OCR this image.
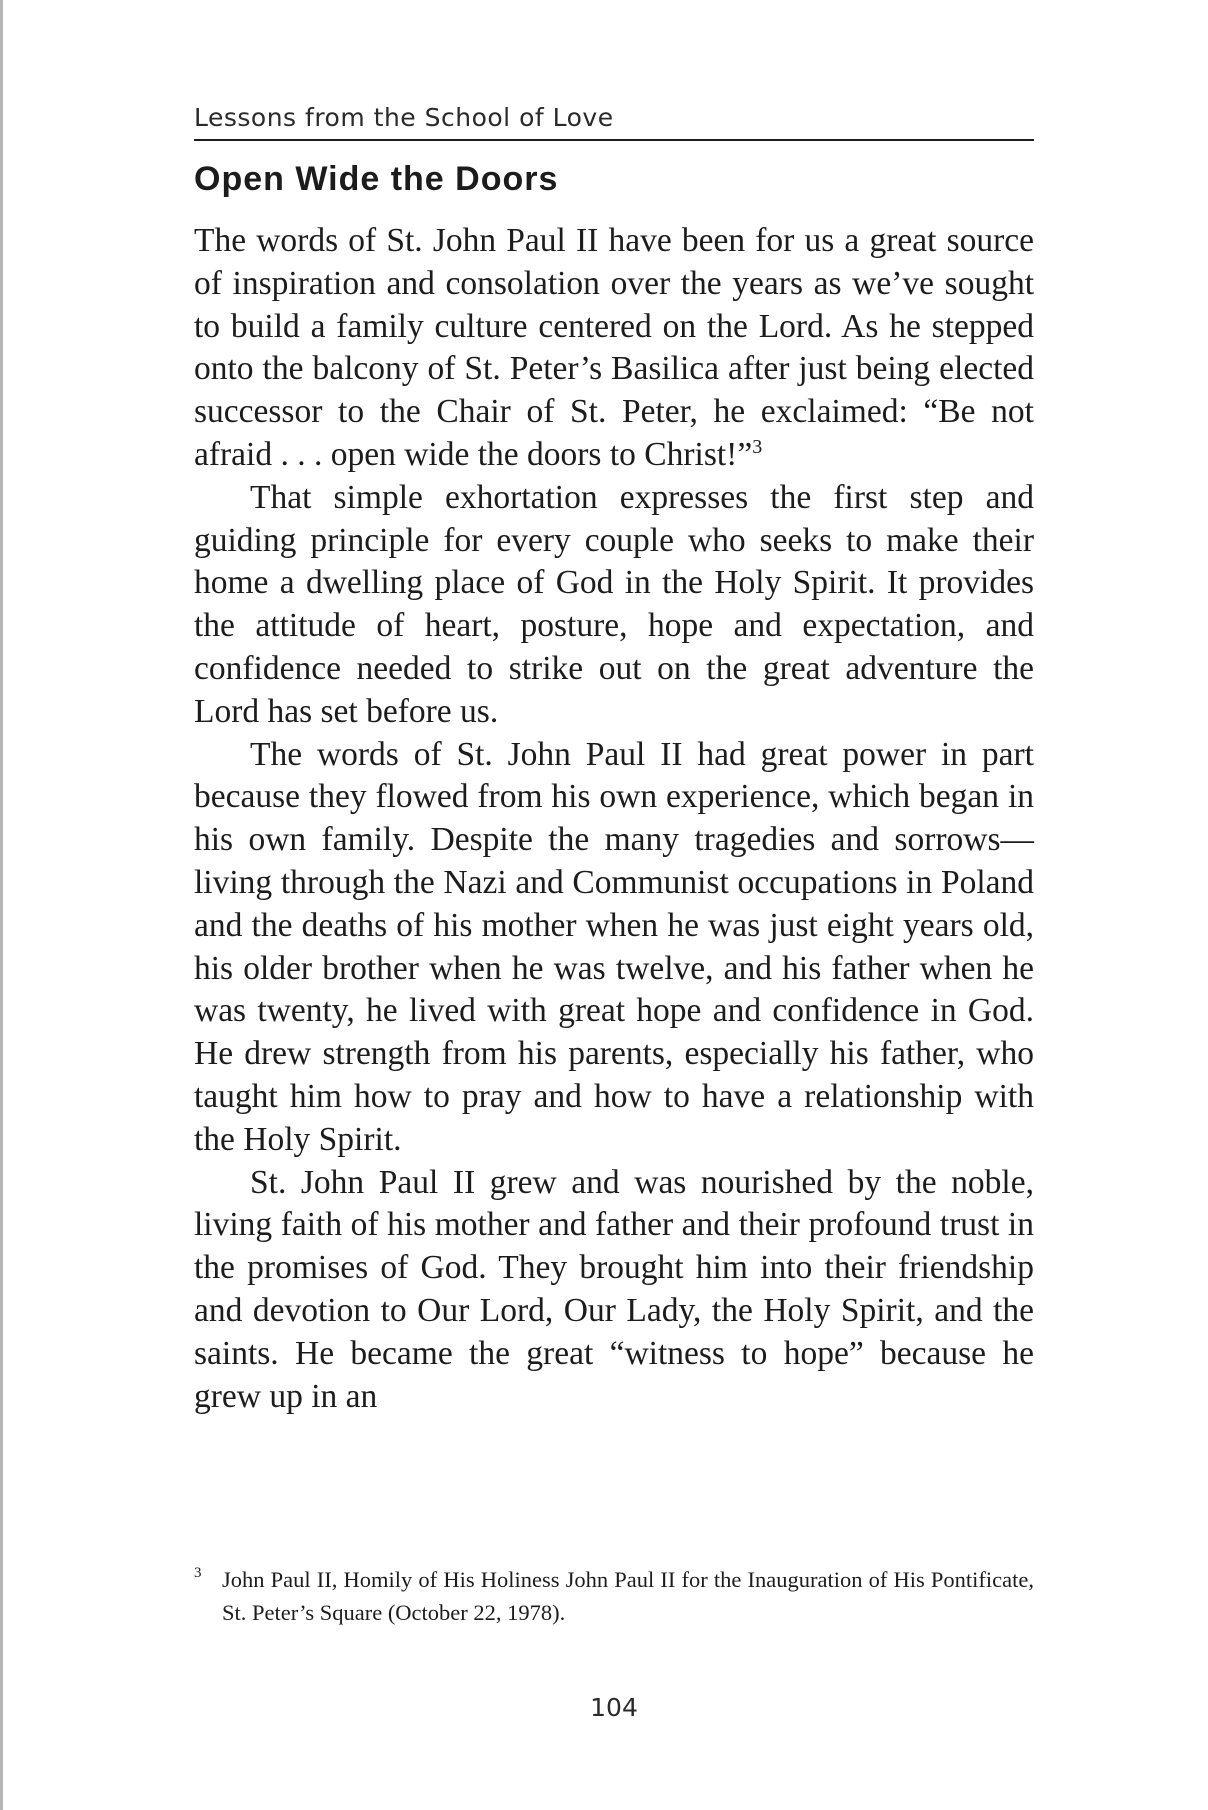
Lessons from the School of Love
Open Wide the Doors

The words of St. John Paul II have been for us a great source of inspiration and consolation over the years as we’ve sought to build a family culture centered on the Lord. As he stepped onto the balcony of St. Peter’s Basilica after just being elected successor to the Chair of St. Peter, he exclaimed: “Be not afraid . . . open wide the doors to Christ!”$^3$

That simple exhortation expresses the first step and guiding principle for every couple who seeks to make their home a dwelling place of God in the Holy Spirit. It provides the attitude of heart, posture, hope and expectation, and confidence needed to strike out on the great adventure the Lord has set before us.

The words of St. John Paul II had great power in part because they flowed from his own experience, which began in his own family. Despite the many tragedies and sorrows—living through the Nazi and Communist occupations in Poland and the deaths of his mother when he was just eight years old, his older brother when he was twelve, and his father when he was twenty, he lived with great hope and confidence in God. He drew strength from his parents, especially his father, who taught him how to pray and how to have a relationship with the Holy Spirit.

St. John Paul II grew and was nourished by the noble, living faith of his mother and father and their profound trust in the promises of God. They brought him into their friendship and devotion to Our Lord, Our Lady, the Holy Spirit, and the saints. He became the great “witness to hope” because he grew up in an

3 John Paul II, Homily of His Holiness John Paul II for the Inauguration of His Pontificate, St. Peter’s Square (October 22, 1978).
104
